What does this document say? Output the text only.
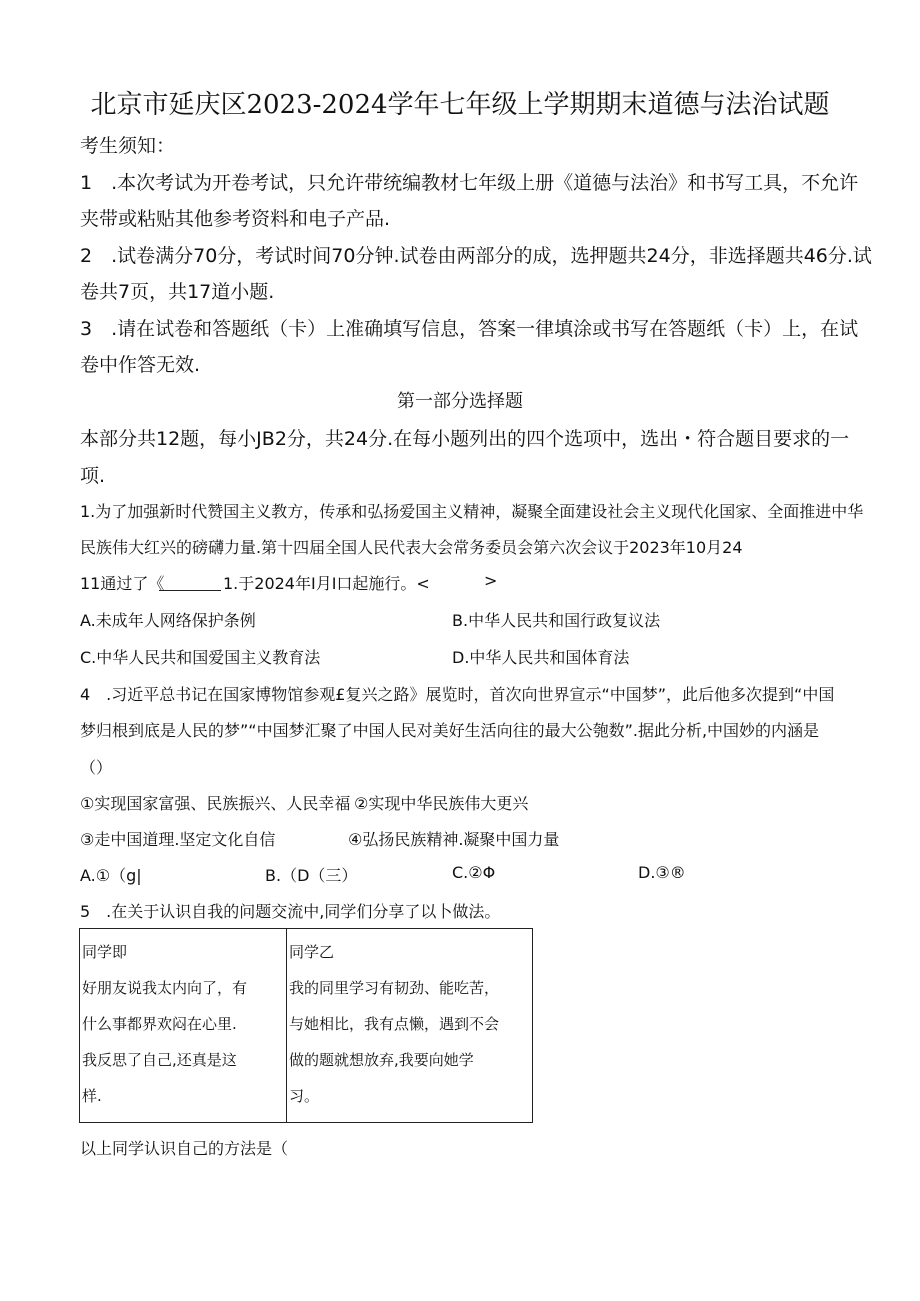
北京市延庆区2023-2024学年七年级上学期期末道德与法治试题
考生须知：
1　.本次考试为开卷考试，只允许带统编教材七年级上册《道德与法治》和书写工具，不允许
夹带或粘贴其他参考资料和电子产品.
2　.试卷满分70分，考试时间70分钟.试卷由两部分的成，选押题共24分，非选择题共46分.试
卷共7页，共17道小题.
3　.请在试卷和答题纸（卡）上准确填写信息，答案一律填涂或书写在答题纸（卡）上，在试
卷中作答无效.
第一部分选择题
本部分共12题，每小JB2分，共24分.在每小题列出的四个选项中，选出・符合题目要求的一
项.
1.为了加强新时代赞国主义教方，传承和弘扬爱国主义精神，凝聚全面建设社会主义现代化国家、全面推进中华
民族伟大红兴的磅礴力量.第十四届全国人民代表大会常务委员会第六次会议于2023年10月24
11通过了《	1.于2024年I月I口起施行。<	>
A.未成年人网络保护条例	B.中华人民共和国行政复议法
C.中华人民共和国爱国主义教育法	D.中华人民共和国体育法
4　.习近平总书记在国家博物馆参观£复兴之路》展览时，首次向世界宣示“中国梦”，此后他多次提到“中国
梦归根到底是人民的梦”“中国梦汇聚了中国人民对美好生活向往的最大公匏数”.据此分析,中国妙的内涵是
（）
①实现国家富强、民族振兴、人民幸福 ②实现中华民族伟大更兴
③走中国道理.坚定文化自信	④弘扬民族精神.凝聚中国力量
A.①（g|	B.（D（三）	C.②Φ	D.③®
5　.在关于认识自我的问题交流中,同学们分享了以卜做法。
同学即
好朋友说我太内向了，有
什么事都界欢闷在心里.
我反思了自己,还真是这
样.

同学乙
我的同里学习有韧劲、能吃苦，
与她相比，我有点懒，遇到不会
做的题就想放弃,我要向她学
习。
以上同学认识自己的方法是（
